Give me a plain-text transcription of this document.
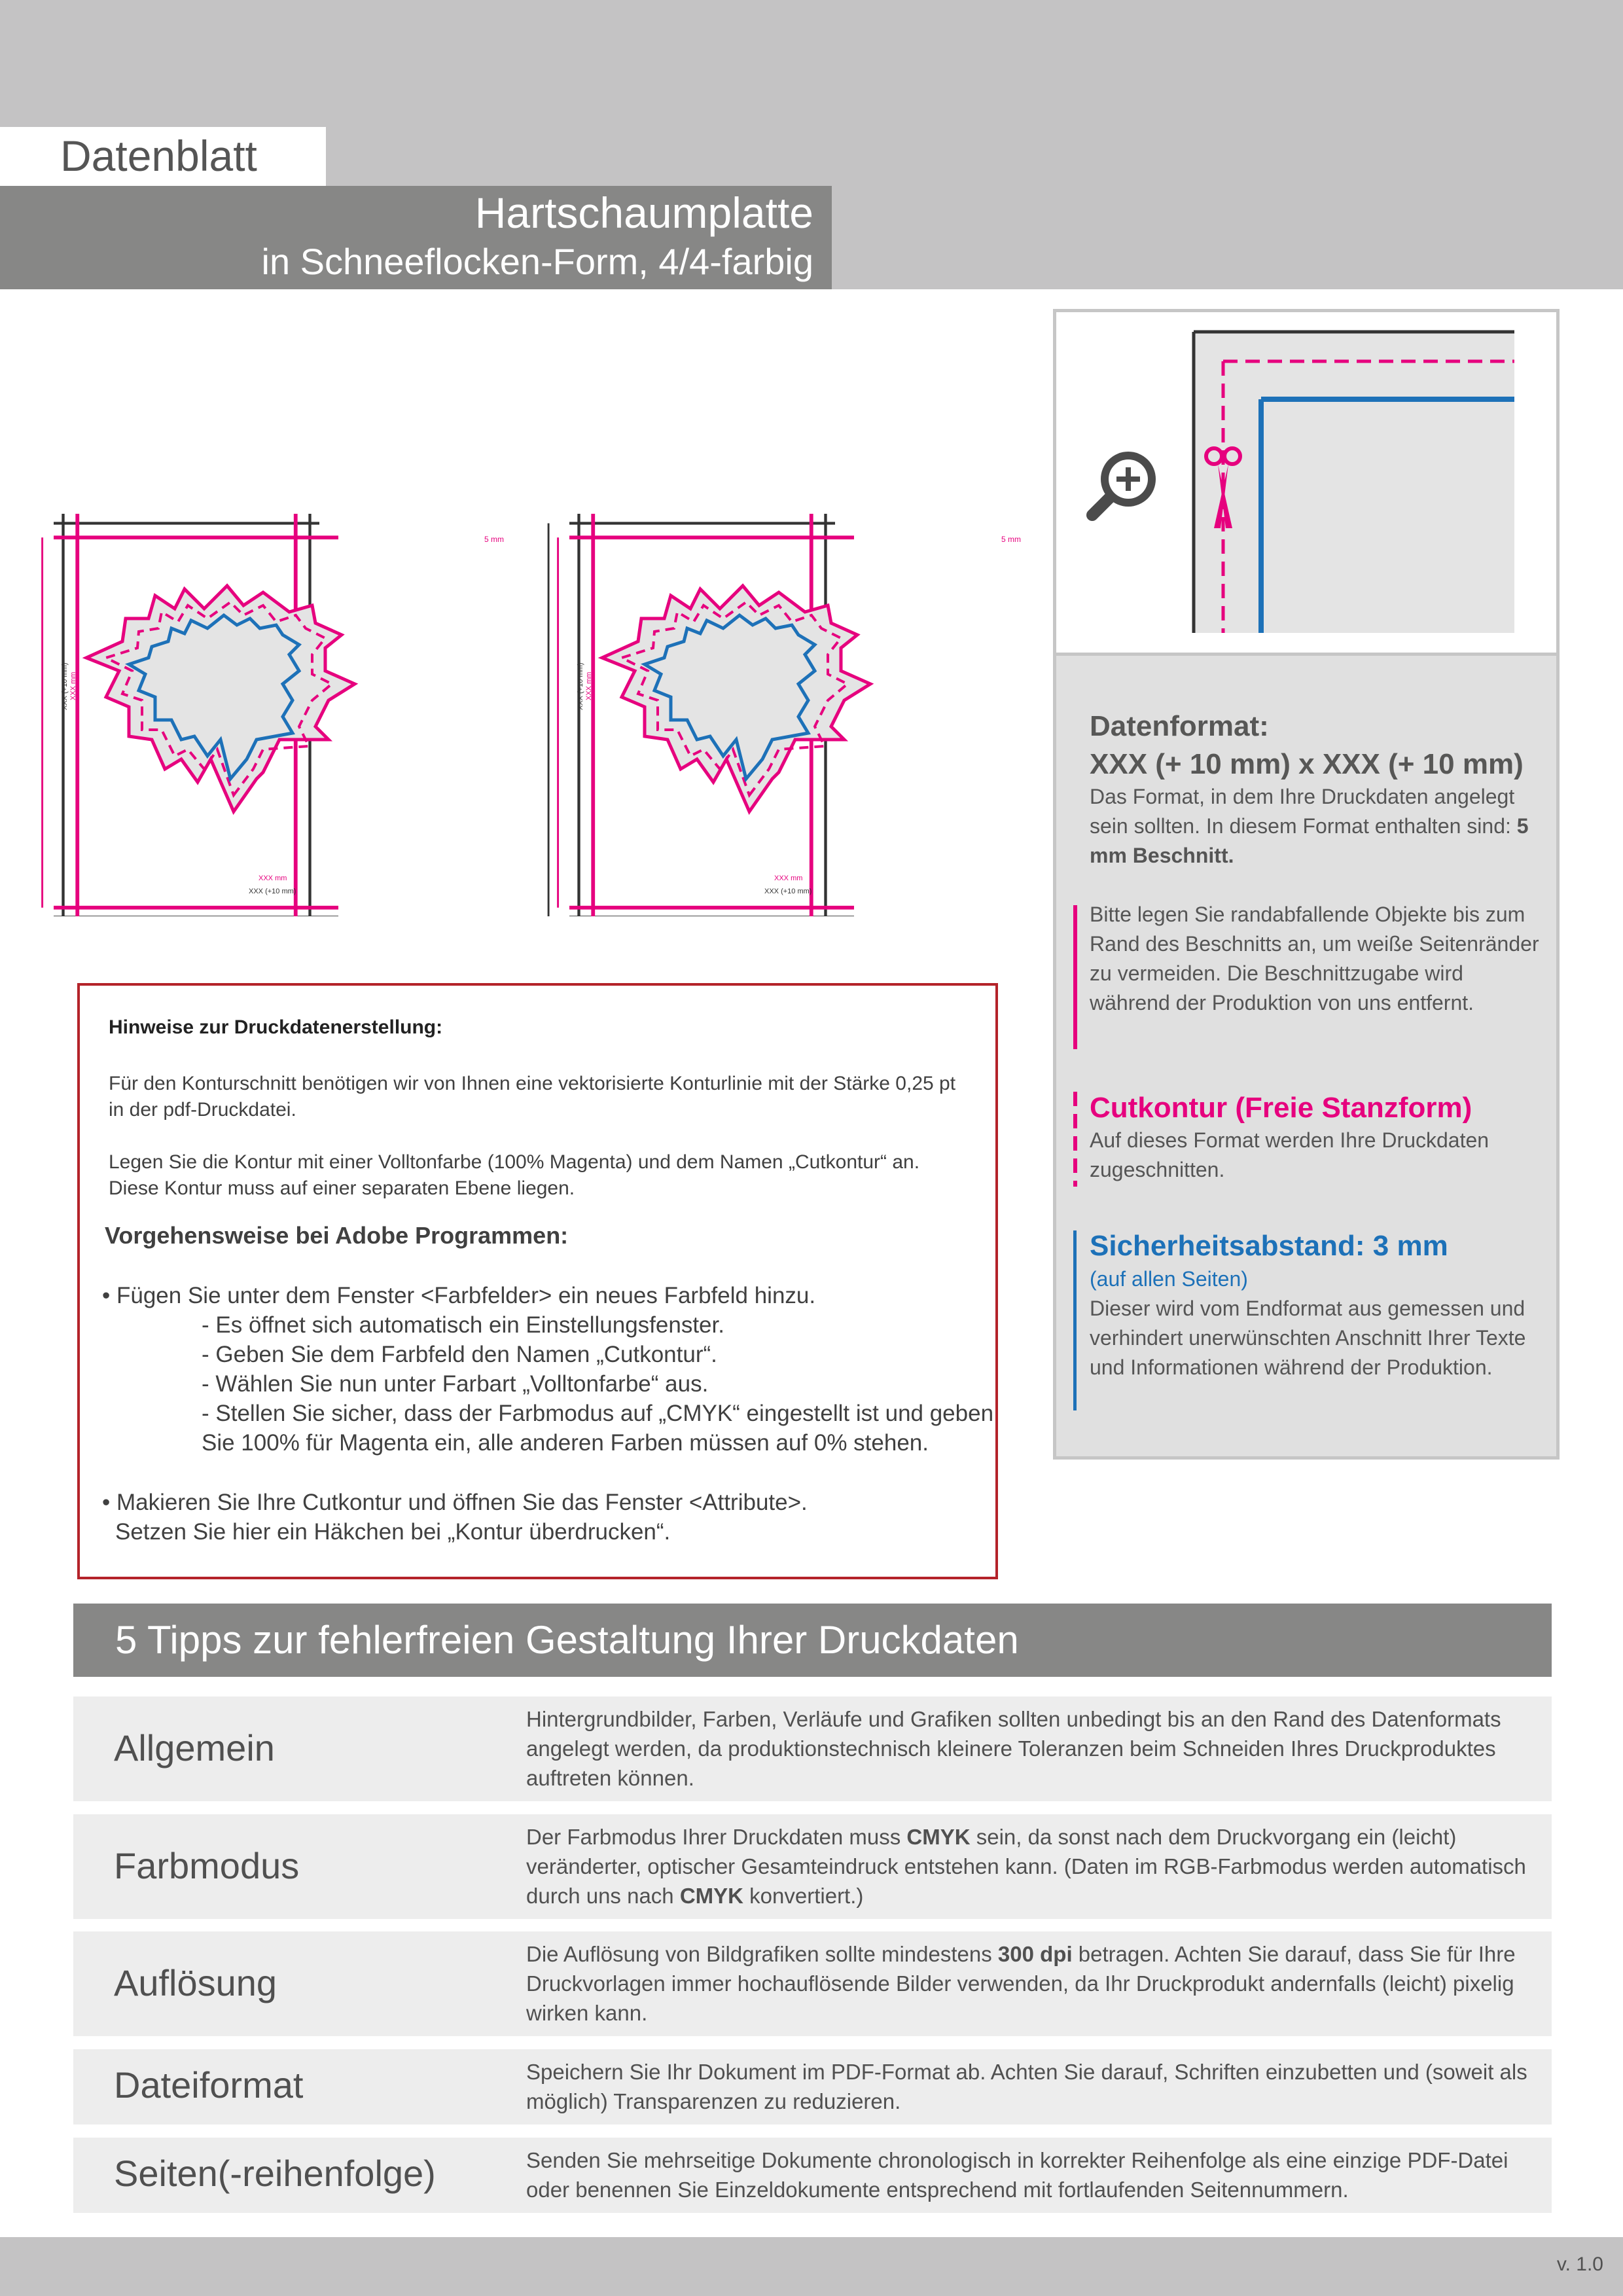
Datenblatt
Hartschaumplatte
in Schneeflocken-Form, 4/4-farbig
5 mm
XXX mm
XXX (+10 mm)
XXX mm
XXX (+10 mm)
5 mm
XXX mm
XXX (+10 mm)
XXX mm
XXX (+10 mm)
Datenformat:
XXX (+ 10 mm) x XXX (+ 10 mm)
Das Format, in dem Ihre Druckdaten angelegt sein sollten. In diesem Format enthalten sind: 5 mm Beschnitt.
Bitte legen Sie randabfallende Objekte bis zum Rand des Beschnitts an, um weiße Seitenränder zu vermeiden. Die Beschnittzugabe wird während der Produktion von uns entfernt.
Cutkontur (Freie Stanzform)
Auf dieses Format werden Ihre Druckdaten zugeschnitten.
Sicherheitsabstand: 3 mm
(auf allen Seiten)
Dieser wird vom Endformat aus gemessen und verhindert unerwünschten Anschnitt Ihrer Texte und Informationen während der Produktion.
Hinweise zur Druckdatenerstellung:
Für den Konturschnitt benötigen wir von Ihnen eine vektorisierte Konturlinie mit der Stärke 0,25 pt in der pdf-Druckdatei.
Legen Sie die Kontur mit einer Volltonfarbe (100% Magenta) und dem Namen „Cutkontur“ an. Diese Kontur muss auf einer separaten Ebene liegen.
Vorgehensweise bei Adobe Programmen:
• Fügen Sie unter dem Fenster <Farbfelder> ein neues Farbfeld hinzu.
- Es öffnet sich automatisch ein Einstellungsfenster.
- Geben Sie dem Farbfeld den Namen „Cutkontur“.
- Wählen Sie nun unter Farbart „Volltonfarbe“ aus.
- Stellen Sie sicher, dass der Farbmodus auf „CMYK“ eingestellt ist und geben
Sie 100% für Magenta ein, alle anderen Farben müssen auf 0% stehen.
• Makieren Sie Ihre Cutkontur und öffnen Sie das Fenster <Attribute>.
Setzen Sie hier ein Häkchen bei „Kontur überdrucken“.
5 Tipps zur fehlerfreien Gestaltung Ihrer Druckdaten
Allgemein
Hintergrundbilder, Farben, Verläufe und Grafiken sollten unbedingt bis an den Rand des Datenformats angelegt werden, da produktionstechnisch kleinere Toleranzen beim Schneiden Ihres Druckproduktes auftreten können.
Farbmodus
Der Farbmodus Ihrer Druckdaten muss CMYK sein, da sonst nach dem Druckvorgang ein (leicht) veränderter, optischer Gesamteindruck entstehen kann. (Daten im RGB-Farbmodus werden automatisch durch uns nach CMYK konvertiert.)
Auflösung
Die Auflösung von Bildgrafiken sollte mindestens 300 dpi betragen. Achten Sie darauf, dass Sie für Ihre Druckvorlagen immer hochauflösende Bilder verwenden, da Ihr Druckprodukt andernfalls (leicht) pixelig wirken kann.
Dateiformat	Speichern Sie Ihr Dokument im PDF-Format ab. Achten Sie darauf, Schriften einzubetten und (soweit als möglich) Transparenzen zu reduzieren.
Seiten(-reihenfolge)	Senden Sie mehrseitige Dokumente chronologisch in korrekter Reihenfolge als eine einzige PDF-Datei oder benennen Sie Einzeldokumente entsprechend mit fortlaufenden Seitennummern.
v. 1.0
